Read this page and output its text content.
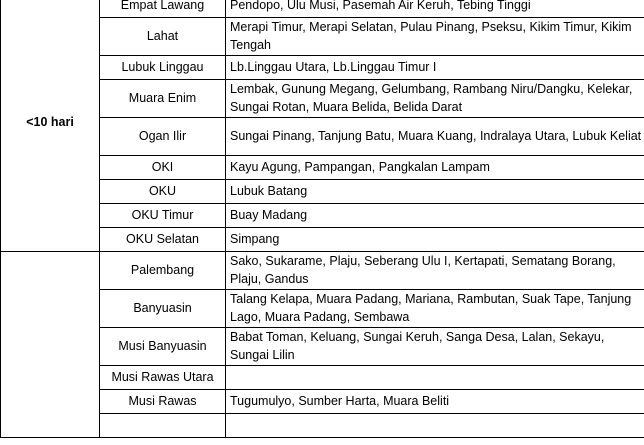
<10 hari	Empat Lawang	Pendopo, Ulu Musi, Pasemah Air Keruh, Tebing Tinggi
	Lahat	Merapi Timur, Merapi Selatan, Pulau Pinang, Pseksu, Kikim Timur, Kikim Tengah
	Lubuk Linggau	Lb.Linggau Utara, Lb.Linggau Timur I
	Muara Enim	Lembak, Gunung Megang, Gelumbang, Rambang Niru/Dangku, Kelekar, Sungai Rotan, Muara Belida, Belida Darat
	Ogan Ilir	Sungai Pinang, Tanjung Batu, Muara Kuang, Indralaya Utara, Lubuk Keliat
	OKI	Kayu Agung, Pampangan, Pangkalan Lampam
	OKU	Lubuk Batang
	OKU Timur	Buay Madang
	OKU Selatan	Simpang
	Palembang	Sako, Sukarame, Plaju, Seberang Ulu I, Kertapati, Sematang Borang, Plaju, Gandus
	Banyuasin	Talang Kelapa, Muara Padang, Mariana, Rambutan, Suak Tape, Tanjung Lago, Muara Padang, Sembawa
	Musi Banyuasin	Babat Toman, Keluang, Sungai Keruh, Sanga Desa, Lalan, Sekayu, Sungai Lilin
	Musi Rawas Utara	
	Musi Rawas	Tugumulyo, Sumber Harta, Muara Beliti
